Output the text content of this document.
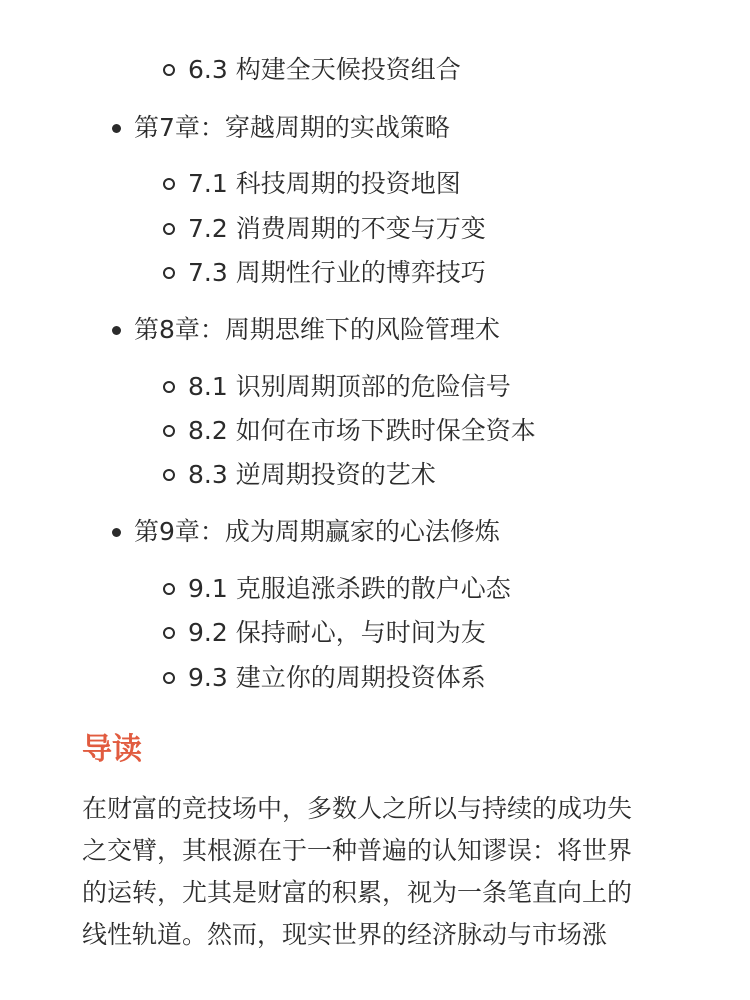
6.3 构建全天候投资组合
第7章：穿越周期的实战策略
7.1 科技周期的投资地图
7.2 消费周期的不变与万变
7.3 周期性行业的博弈技巧
第8章：周期思维下的风险管理术
8.1 识别周期顶部的危险信号
8.2 如何在市场下跌时保全资本
8.3 逆周期投资的艺术
第9章：成为周期赢家的心法修炼
9.1 克服追涨杀跌的散户心态
9.2 保持耐心，与时间为友
9.3 建立你的周期投资体系
导读
在财富的竞技场中，多数人之所以与持续的成功失
之交臂，其根源在于一种普遍的认知谬误：将世界
的运转，尤其是财富的积累，视为一条笔直向上的
线性轨道。然而，现实世界的经济脉动与市场涨
